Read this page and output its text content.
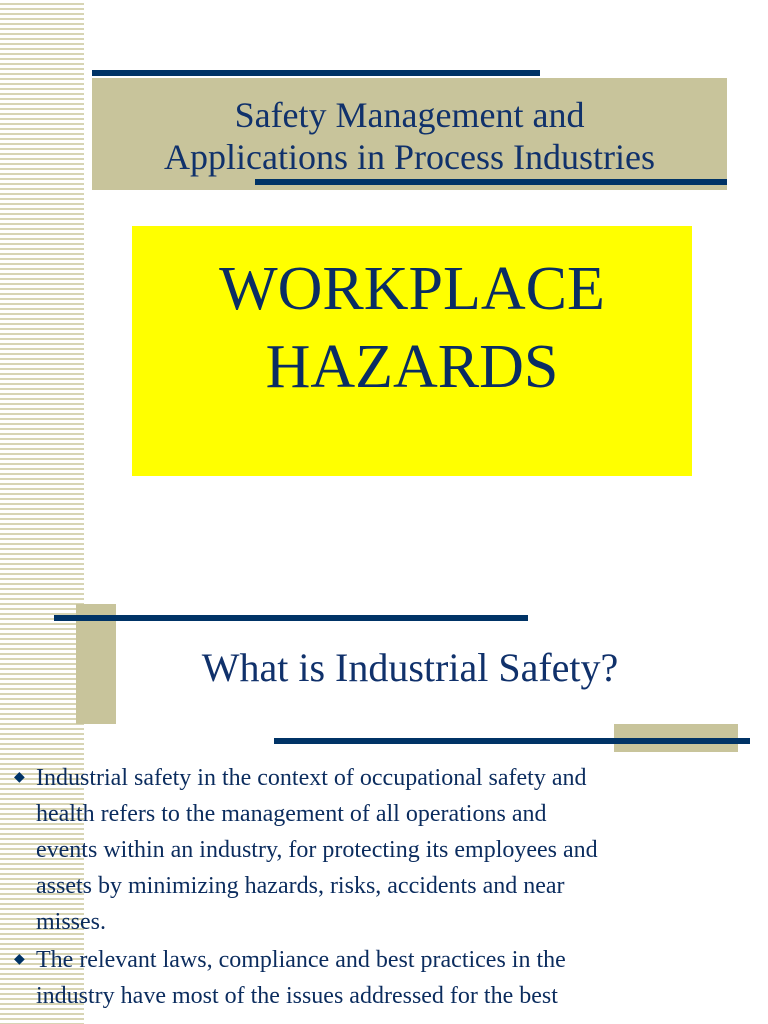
Safety Management and
Applications in Process Industries
WORKPLACE
HAZARDS
What is Industrial Safety?
◆ Industrial safety in the context of occupational safety and
health refers to the management of all operations and
events within an industry, for protecting its employees and
assets by minimizing hazards, risks, accidents and near
misses.
◆ The relevant laws, compliance and best practices in the
industry have most of the issues addressed for the best
